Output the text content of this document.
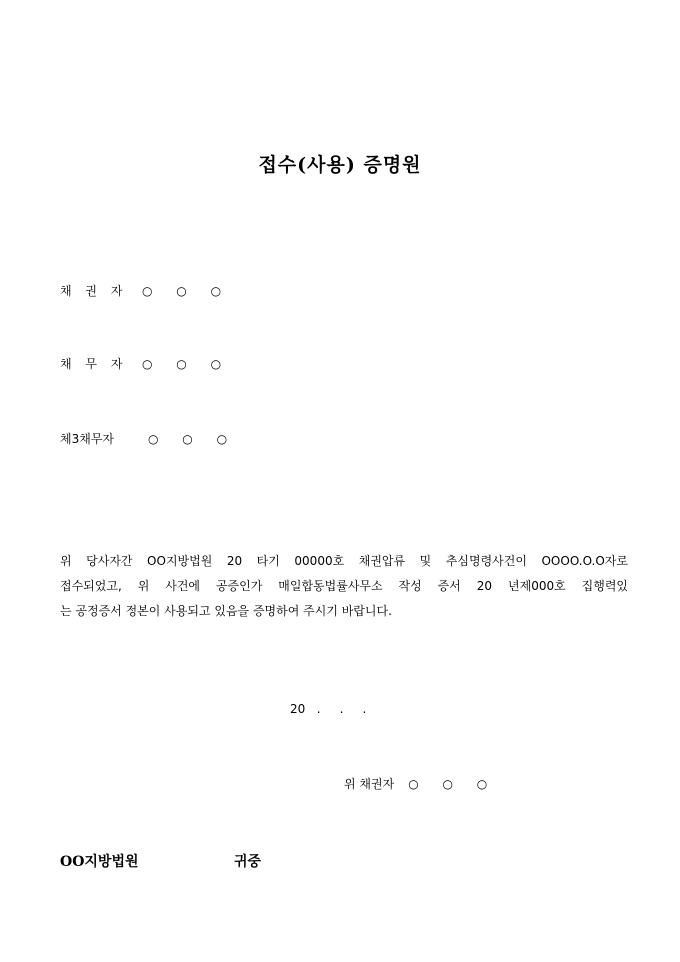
접수(사용) 증명원
채 권 자 ○ ○ ○
채 무 자 ○ ○ ○
체3채무자	○ ○ ○
위 당사자간 OO지방법원 20 타기 00000호 채권압류 및 추심명령사건이 OOOO.O.O자로
접수되었고, 위 사건에 공증인가 매일합동법률사무소 작성 증서 20 년제000호 집행력있
는 공정증서 정본이 사용되고 있음을 증명하여 주시기 바랍니다.
20   .     .     .
위 채권자 ○ ○ ○
OO지방법원	귀중
